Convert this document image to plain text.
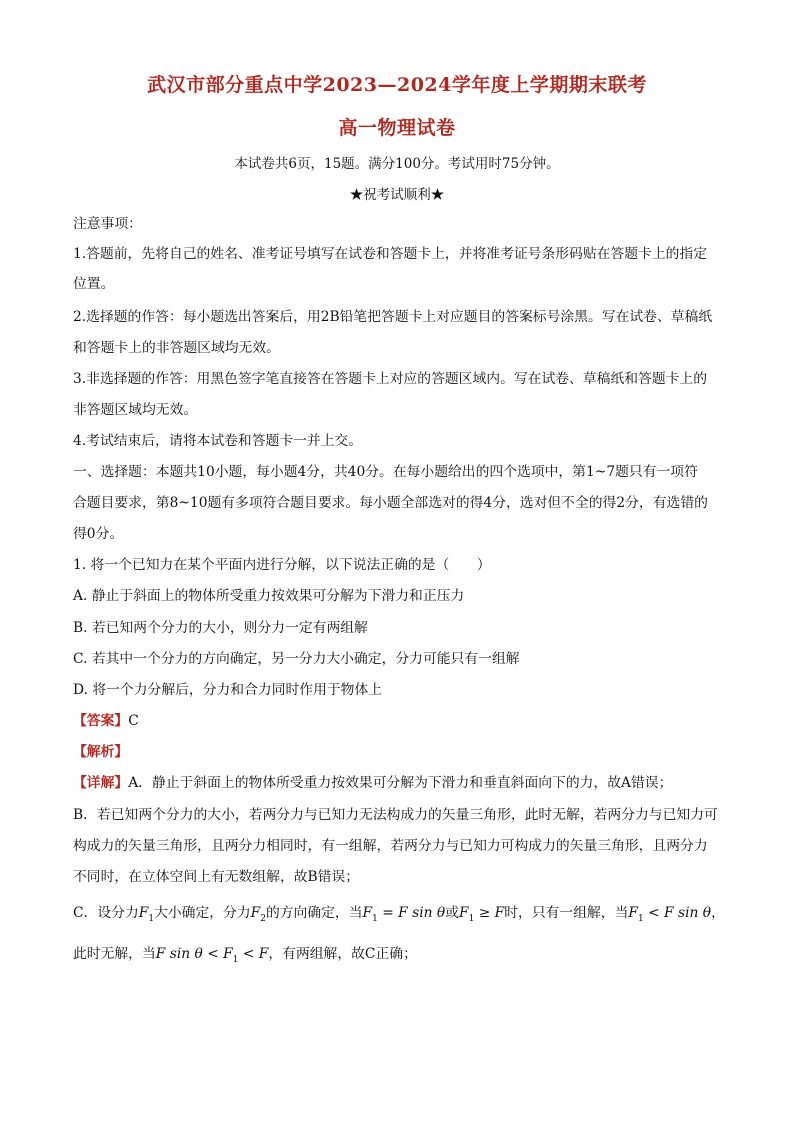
武汉市部分重点中学2023—2024学年度上学期期末联考
高一物理试卷
本试卷共6页，15题。满分100分。考试用时75分钟。
★祝考试顺利★
注意事项：
1.答题前，先将自己的姓名、准考证号填写在试卷和答题卡上，并将准考证号条形码贴在答题卡上的指定
位置。
2.选择题的作答：每小题选出答案后，用2B铅笔把答题卡上对应题目的答案标号涂黑。写在试卷、草稿纸
和答题卡上的非答题区域均无效。
3.非选择题的作答：用黑色签字笔直接答在答题卡上对应的答题区域内。写在试卷、草稿纸和答题卡上的
非答题区域均无效。
4.考试结束后，请将本试卷和答题卡一并上交。
一、选择题：本题共10小题，每小题4分，共40分。在每小题给出的四个选项中，第1~7题只有一项符
合题目要求，第8~10题有多项符合题目要求。每小题全部选对的得4分，选对但不全的得2分，有选错的
得0分。
1. 将一个已知力在某个平面内进行分解，以下说法正确的是（　　）
A. 静止于斜面上的物体所受重力按效果可分解为下滑力和正压力
B. 若已知两个分力的大小，则分力一定有两组解
C. 若其中一个分力的方向确定，另一分力大小确定，分力可能只有一组解
D. 将一个力分解后，分力和合力同时作用于物体上
【答案】C
【解析】
【详解】A．静止于斜面上的物体所受重力按效果可分解为下滑力和垂直斜面向下的力，故A错误；
B．若已知两个分力的大小，若两分力与已知力无法构成力的矢量三角形，此时无解，若两分力与已知力可
构成力的矢量三角形，且两分力相同时，有一组解，若两分力与已知力可构成力的矢量三角形，且两分力
不同时，在立体空间上有无数组解，故B错误；
C．设分力$F_1$大小确定，分力$F_2$的方向确定，当$F_1 = F$ sin θ或$F_1 \ge F$时，只有一组解，当$F_1 < F$ sin θ，
此时无解，当F $\sin \theta < F_1 < F$，有两组解，故C正确；
